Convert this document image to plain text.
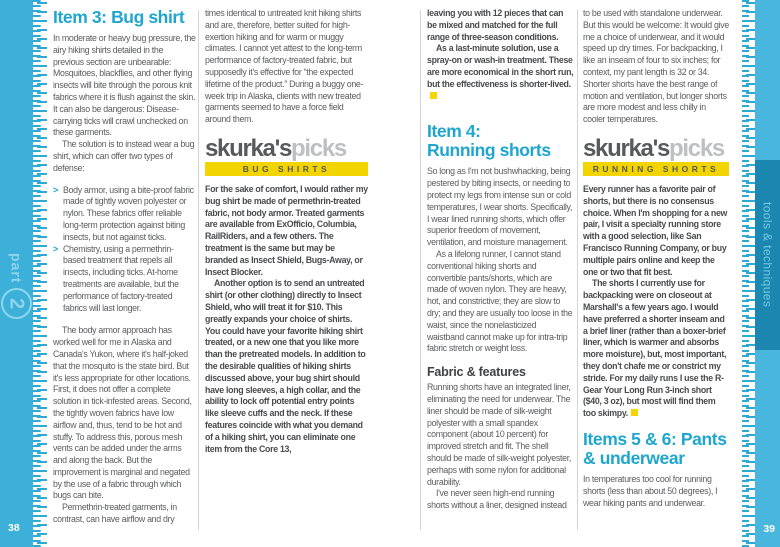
part
2
38
tools & techniques
39
Item 3: Bug shirt

In moderate or heavy bug pressure, the airy hiking shirts detailed in the previous section are unbearable: Mosquitoes, blackflies, and other flying insects will bite through the porous knit fabrics where it is flush against the skin. It can also be dangerous: Disease-carrying ticks will crawl unchecked on these garments.

The solution is to instead wear a bug shirt, which can offer two types of defense:

> Body armor, using a bite-proof fabric made of tightly woven polyester or nylon. These fabrics offer reliable long-term protection against biting insects, but not against ticks.

> Chemistry, using a permethrin-based treatment that repels all insects, including ticks. At-home treatments are available, but the performance of factory-treated fabrics will last longer.

The body armor approach has worked well for me in Alaska and Canada's Yukon, where it's half-joked that the mosquito is the state bird. But it's less appropriate for other locations. First, it does not offer a complete solution in tick-infested areas. Second, the tightly woven fabrics have low airflow and, thus, tend to be hot and stuffy. To address this, porous mesh vents can be added under the arms and along the back. But the improvement is marginal and negated by the use of a fabric through which bugs can bite.

Permethrin-treated garments, in contrast, can have airflow and dry

times identical to untreated knit hiking shirts and are, therefore, better suited for high-exertion hiking and for warm or muggy climates. I cannot yet attest to the long-term performance of factory-treated fabric, but supposedly it's effective for “the expected lifetime of the product.” During a buggy one-week trip in Alaska, clients with new treated garments seemed to have a force field around them.

skurka'spicks
BUG SHIRTS

For the sake of comfort, I would rather my bug shirt be made of permethrin-treated fabric, not body armor. Treated garments are available from ExOfficio, Columbia, RailRiders, and a few others. The treatment is the same but may be branded as Insect Shield, Bugs-Away, or Insect Blocker.

Another option is to send an untreated shirt (or other clothing) directly to Insect Shield, who will treat it for $10. This greatly expands your choice of shirts. You could have your favorite hiking shirt treated, or a new one that you like more than the pretreated models. In addition to the desirable qualities of hiking shirts discussed above, your bug shirt should have long sleeves, a high collar, and the ability to lock off potential entry points like sleeve cuffs and the neck. If these features coincide with what you demand of a hiking shirt, you can eliminate one item from the Core 13,

leaving you with 12 pieces that can be mixed and matched for the full range of three-season conditions.

As a last-minute solution, use a spray-on or wash-in treatment. These are more economical in the short run, but the effectiveness is shorter-lived.

Item 4:
Running shorts

So long as I'm not bushwhacking, being pestered by biting insects, or needing to protect my legs from intense sun or cold temperatures, I wear shorts. Specifically, I wear lined running shorts, which offer superior freedom of movement, ventilation, and moisture management.

As a lifelong runner, I cannot stand conventional hiking shorts and convertible pants/shorts, which are made of woven nylon. They are heavy, hot, and constrictive; they are slow to dry; and they are usually too loose in the waist, since the nonelasticized waistband cannot make up for intra-trip fabric stretch or weight loss.

Fabric & features

Running shorts have an integrated liner, eliminating the need for underwear. The liner should be made of silk-weight polyester with a small spandex component (about 10 percent) for improved stretch and fit. The shell should be made of silk-weight polyester, perhaps with some nylon for additional durability.

I've never seen high-end running shorts without a liner, designed instead

to be used with standalone underwear. But this would be welcome: It would give me a choice of underwear, and it would speed up dry times. For backpacking, I like an inseam of four to six inches; for context, my pant length is 32 or 34. Shorter shorts have the best range of motion and ventilation, but longer shorts are more modest and less chilly in cooler temperatures.

skurka'spicks
RUNNING SHORTS

Every runner has a favorite pair of shorts, but there is no consensus choice. When I'm shopping for a new pair, I visit a specialty running store with a good selection, like San Francisco Running Company, or buy multiple pairs online and keep the one or two that fit best.

The shorts I currently use for backpacking were on closeout at Marshall's a few years ago. I would have preferred a shorter inseam and a brief liner (rather than a boxer-brief liner, which is warmer and absorbs more moisture), but, most important, they don't chafe me or constrict my stride. For my daily runs I use the R-Gear Your Long Run 3-inch short ($40, 3 oz), but most will find them too skimpy.

Items 5 & 6: Pants
& underwear

In temperatures too cool for running shorts (less than about 50 degrees), I wear hiking pants and underwear.
